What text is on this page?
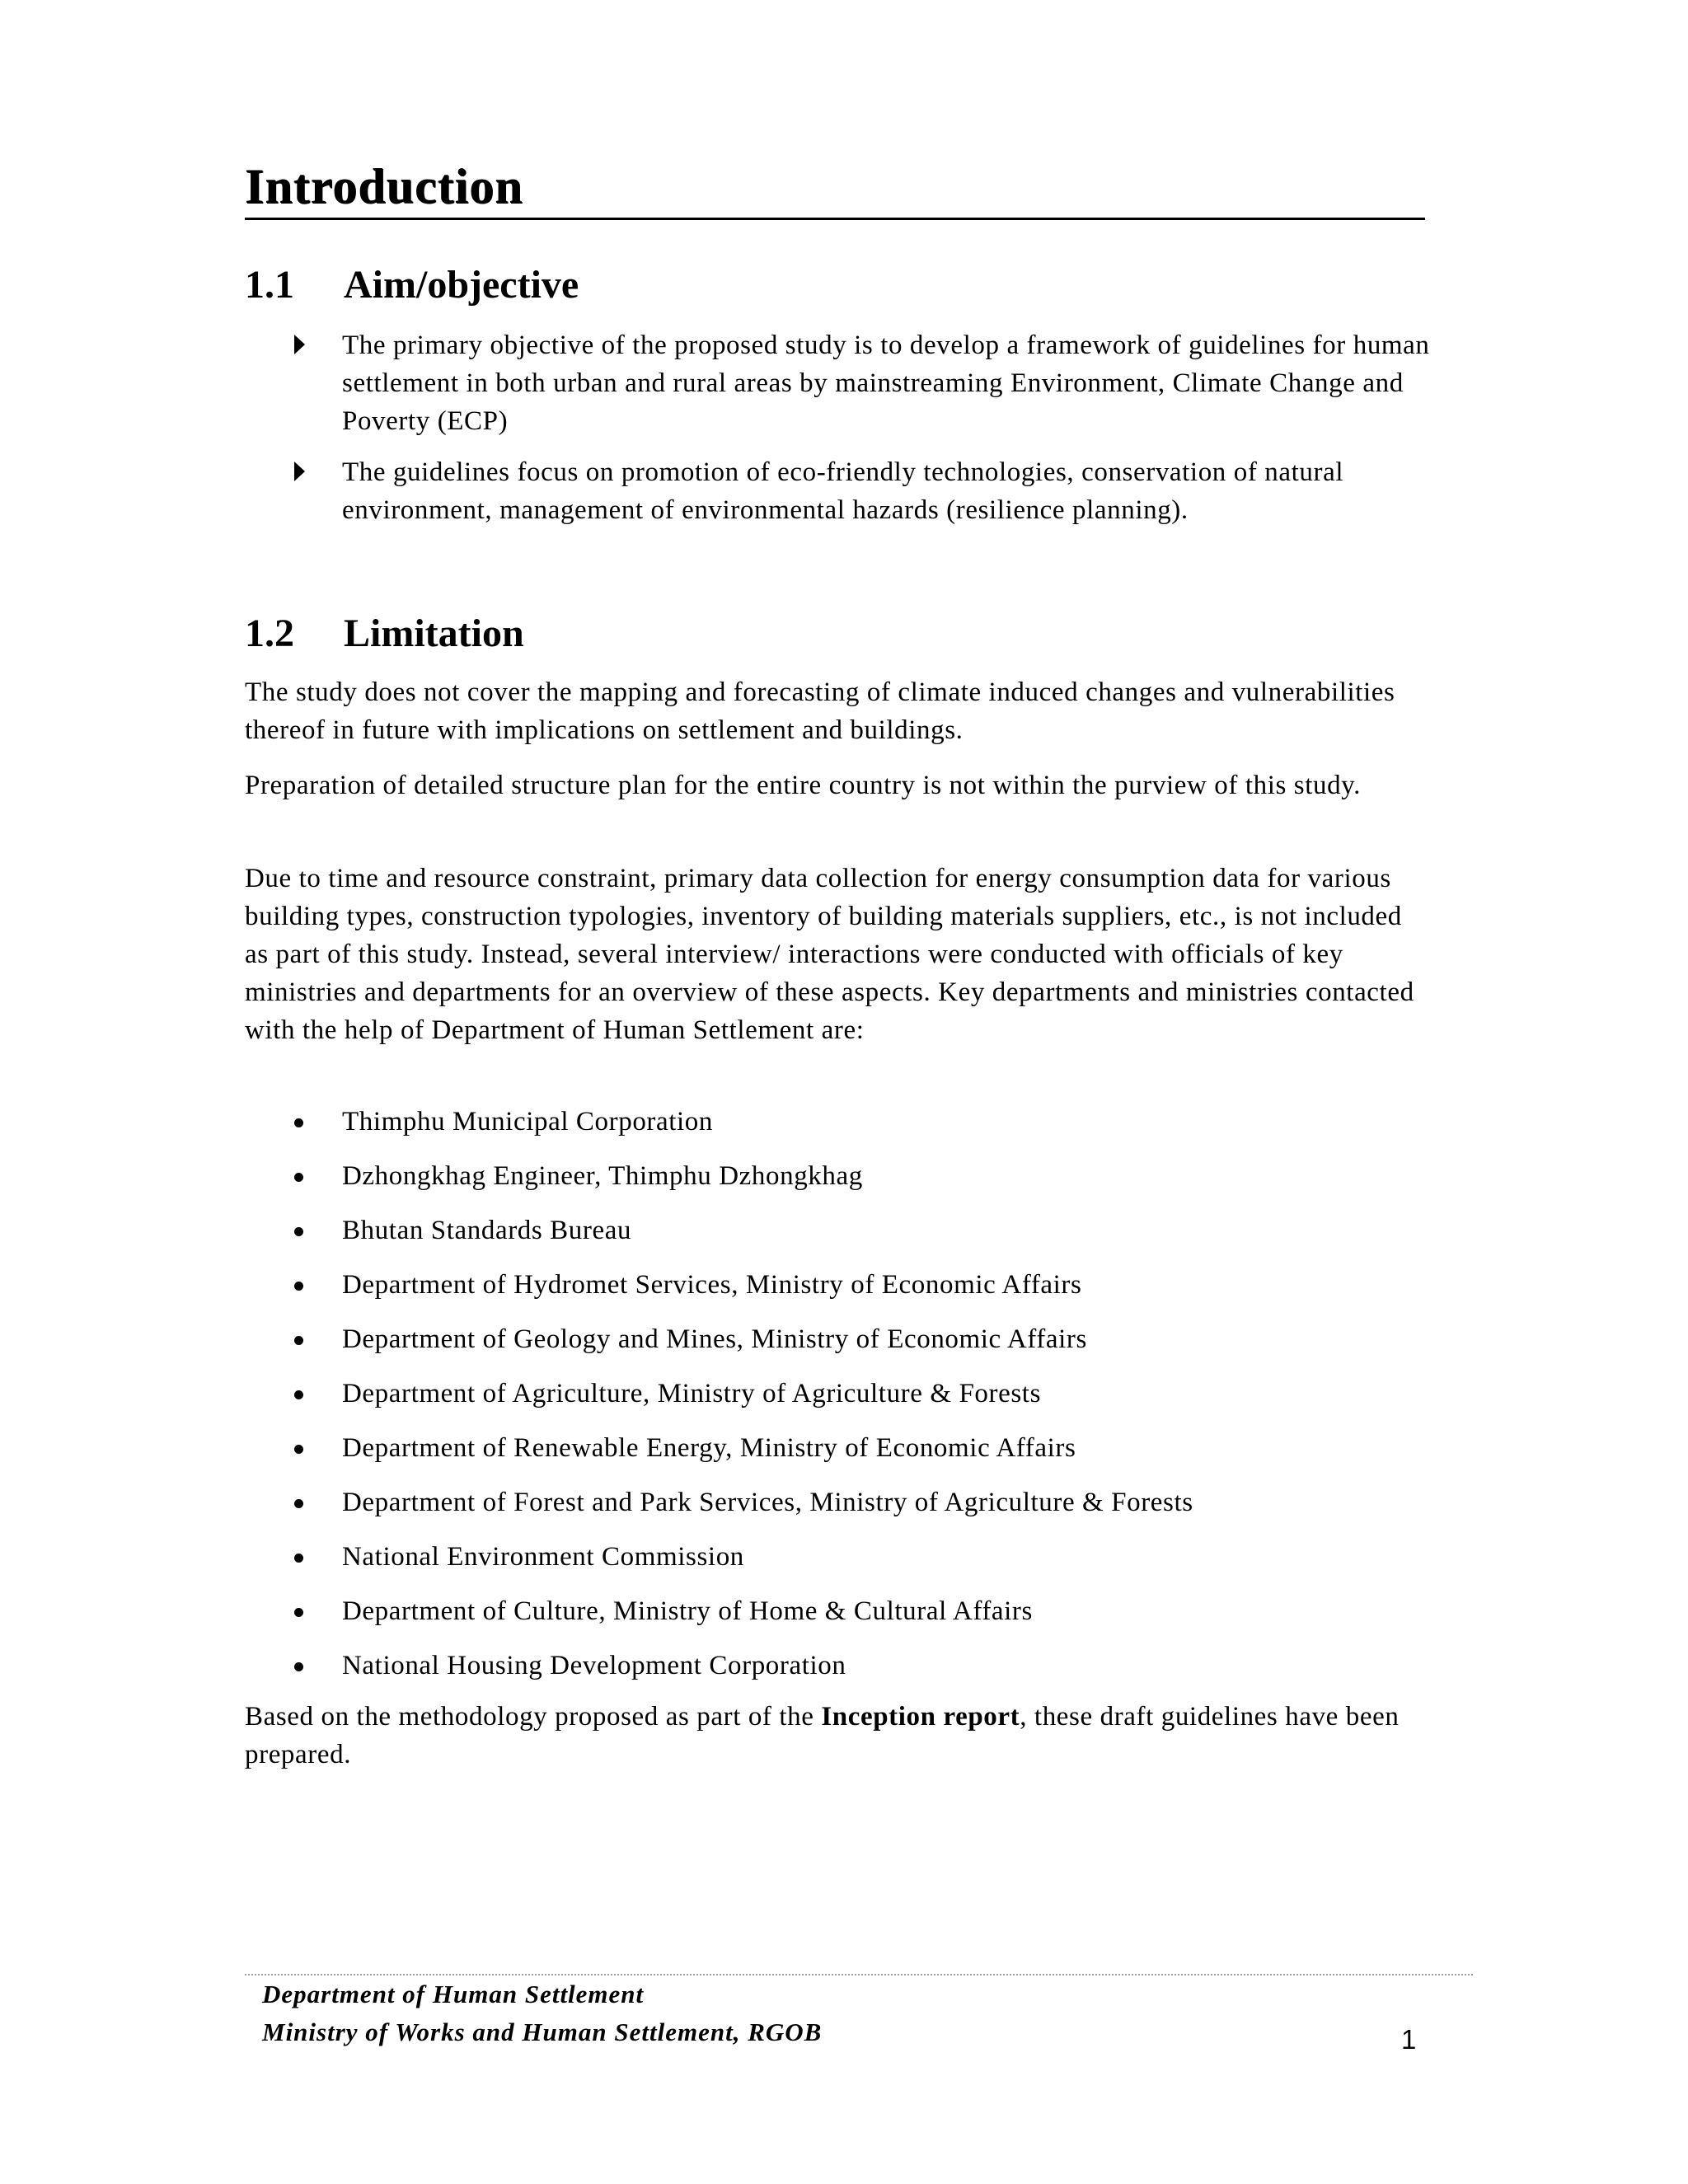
Introduction
1.1 Aim/objective
The primary objective of the proposed study is to develop a framework of guidelines for human settlement in both urban and rural areas by mainstreaming Environment, Climate Change and Poverty (ECP)
The guidelines focus on promotion of eco-friendly technologies, conservation of natural environment, management of environmental hazards (resilience planning).
1.2 Limitation

The study does not cover the mapping and forecasting of climate induced changes and vulnerabilities thereof in future with implications on settlement and buildings.

Preparation of detailed structure plan for the entire country is not within the purview of this study.

Due to time and resource constraint, primary data collection for energy consumption data for various building types, construction typologies, inventory of building materials suppliers, etc., is not included as part of this study. Instead, several interview/ interactions were conducted with officials of key ministries and departments for an overview of these aspects. Key departments and ministries contacted with the help of Department of Human Settlement are:

Thimphu Municipal Corporation
Dzhongkhag Engineer, Thimphu Dzhongkhag
Bhutan Standards Bureau
Department of Hydromet Services, Ministry of Economic Affairs
Department of Geology and Mines, Ministry of Economic Affairs
Department of Agriculture, Ministry of Agriculture & Forests
Department of Renewable Energy, Ministry of Economic Affairs
Department of Forest and Park Services, Ministry of Agriculture & Forests
National Environment Commission
Department of Culture, Ministry of Home & Cultural Affairs
National Housing Development Corporation

Based on the methodology proposed as part of the Inception report, these draft guidelines have been prepared.

Department of Human Settlement
Ministry of Works and Human Settlement, RGOB	1
